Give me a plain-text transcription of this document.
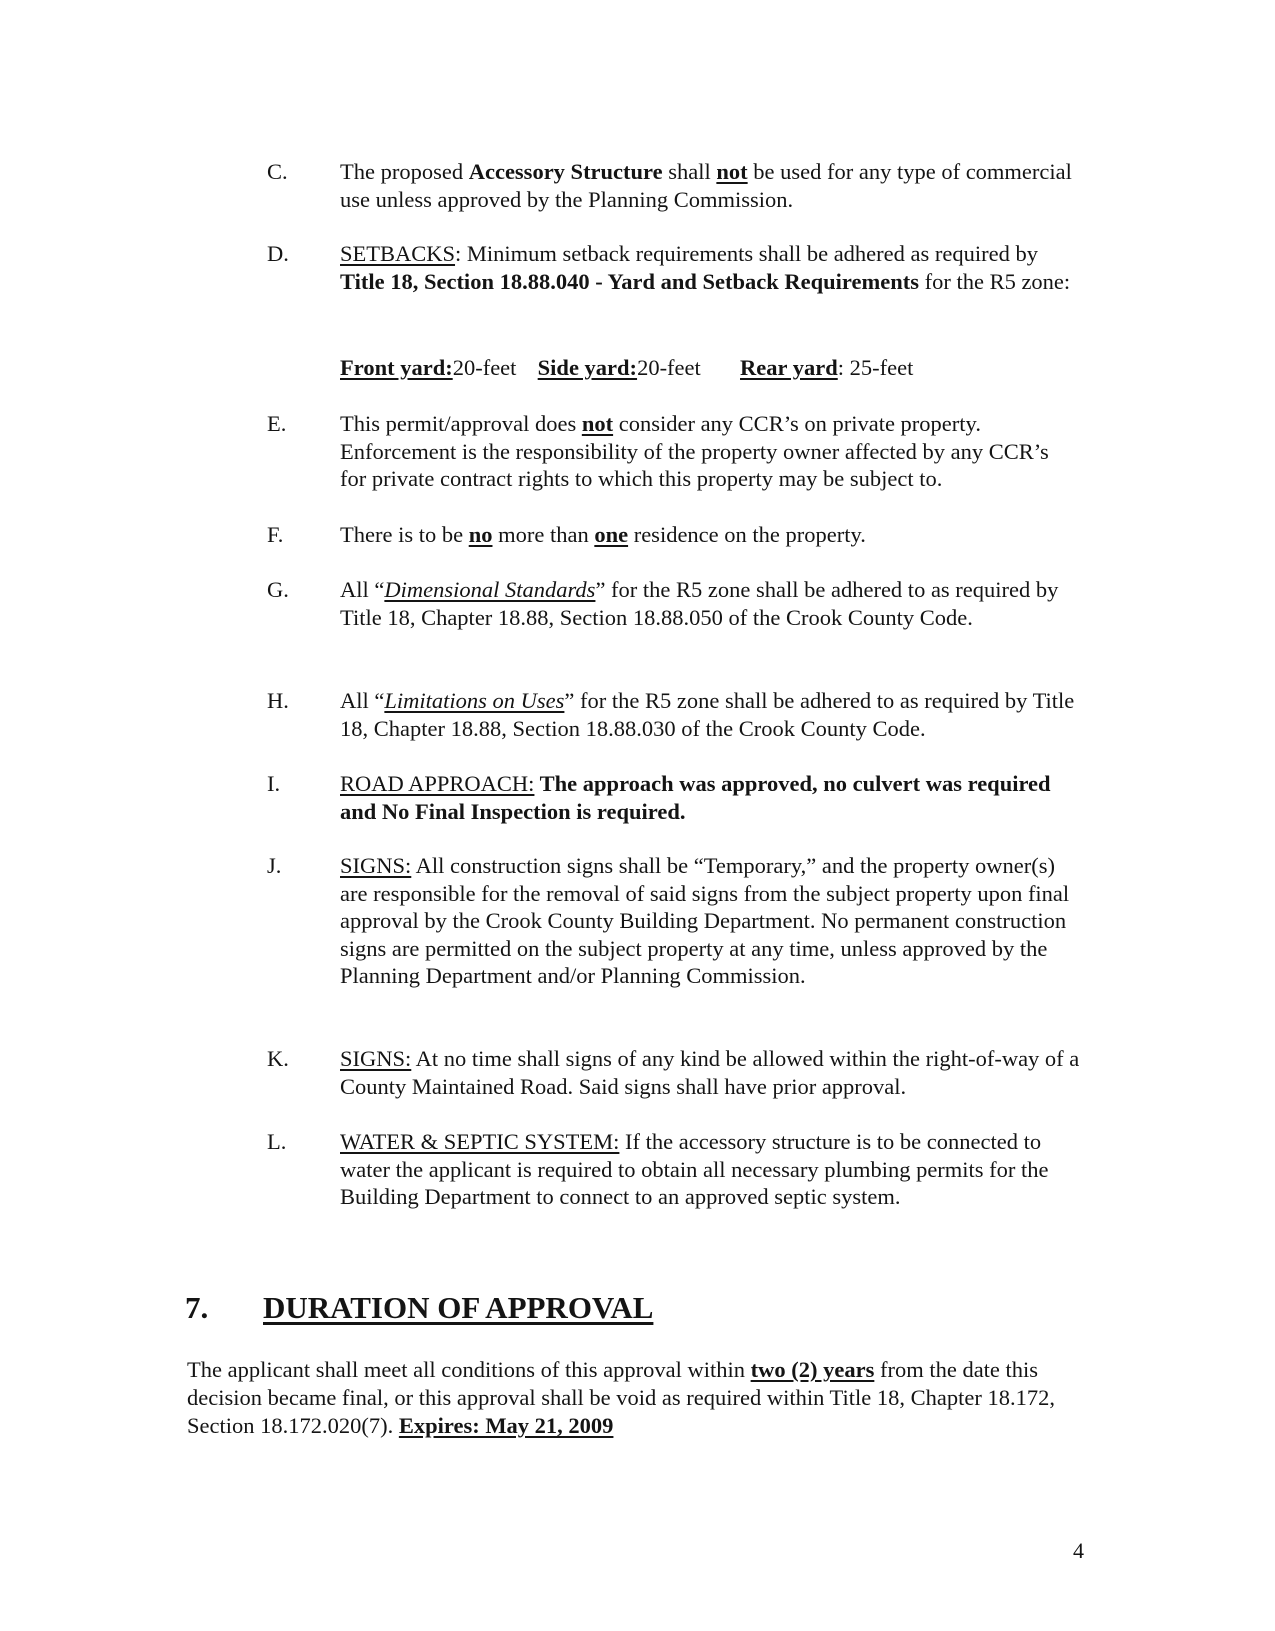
C. The proposed Accessory Structure shall not be used for any type of commercial use unless approved by the Planning Commission.
D. SETBACKS: Minimum setback requirements shall be adhered as required by Title 18, Section 18.88.040 - Yard and Setback Requirements for the R5 zone:
Front yard:20-feet Side yard:20-feet Rear yard: 25-feet
E. This permit/approval does not consider any CCR’s on private property. Enforcement is the responsibility of the property owner affected by any CCR’s for private contract rights to which this property may be subject to.
F.	There is to be no more than one residence on the property.
G. All “Dimensional Standards” for the R5 zone shall be adhered to as required by Title 18, Chapter 18.88, Section 18.88.050 of the Crook County Code.
H. All “Limitations on Uses” for the R5 zone shall be adhered to as required by Title 18, Chapter 18.88, Section 18.88.030 of the Crook County Code.
I.	ROAD APPROACH: The approach was approved, no culvert was required and No Final Inspection is required.
J.	SIGNS: All construction signs shall be “Temporary,” and the property owner(s) are responsible for the removal of said signs from the subject property upon final approval by the Crook County Building Department. No permanent construction signs are permitted on the subject property at any time, unless approved by the Planning Department and/or Planning Commission.
K. SIGNS: At no time shall signs of any kind be allowed within the right-of-way of a County Maintained Road. Said signs shall have prior approval.
L. WATER & SEPTIC SYSTEM: If the accessory structure is to be connected to water the applicant is required to obtain all necessary plumbing permits for the Building Department to connect to an approved septic system.
7. DURATION OF APPROVAL
The applicant shall meet all conditions of this approval within two (2) years from the date this decision became final, or this approval shall be void as required within Title 18, Chapter 18.172, Section 18.172.020(7). Expires: May 21, 2009
4
